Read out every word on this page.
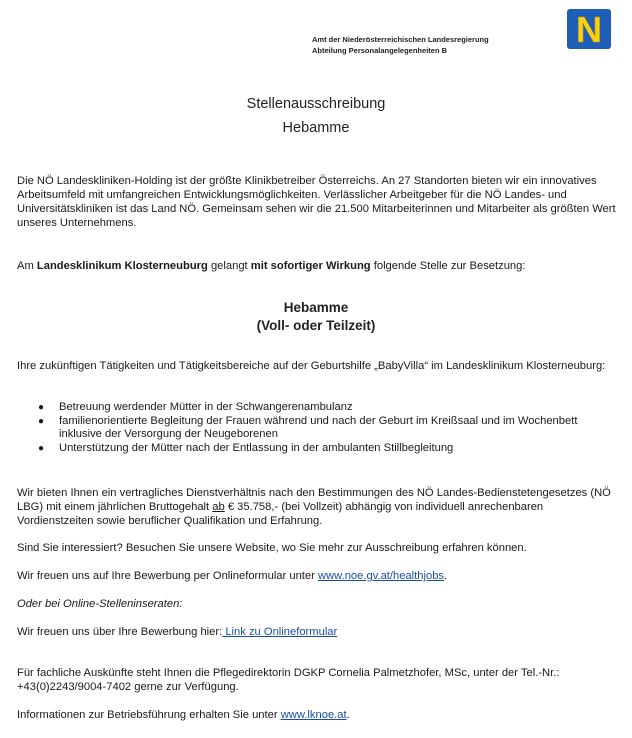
Amt der Niederösterreichischen Landesregierung
Abteilung Personalangelegenheiten B
N
Stellenausschreibung
Hebamme
Die NÖ Landeskliniken-Holding ist der größte Klinikbetreiber Österreichs. An 27 Standorten bieten wir ein innovatives Arbeitsumfeld mit umfangreichen Entwicklungsmöglichkeiten. Verlässlicher Arbeitgeber für die NÖ Landes- und Universitätskliniken ist das Land NÖ. Gemeinsam sehen wir die 21.500 Mitarbeiterinnen und Mitarbeiter als größten Wert unseres Unternehmens.
Am Landesklinikum Klosterneuburg gelangt mit sofortiger Wirkung folgende Stelle zur Besetzung:
Hebamme
(Voll- oder Teilzeit)
Ihre zukünftigen Tätigkeiten und Tätigkeitsbereiche auf der Geburtshilfe „BabyVilla“ im Landesklinikum Klosterneuburg:
● Betreuung werdender Mütter in der Schwangerenambulanz
● familienorientierte Begleitung der Frauen während und nach der Geburt im Kreißsaal und im Wochenbett inklusive der Versorgung der Neugeborenen
● Unterstützung der Mütter nach der Entlassung in der ambulanten Stillbegleitung
Wir bieten Ihnen ein vertragliches Dienstverhältnis nach den Bestimmungen des NÖ Landes-Bedienstetengesetzes (NÖ LBG) mit einem jährlichen Bruttogehalt ab € 35.758,- (bei Vollzeit) abhängig von individuell anrechenbaren Vordienstzeiten sowie beruflicher Qualifikation und Erfahrung.
Sind Sie interessiert? Besuchen Sie unsere Website, wo Sie mehr zur Ausschreibung erfahren können.
Wir freuen uns auf Ihre Bewerbung per Onlineformular unter www.noe.gv.at/healthjobs.
Oder bei Online-Stelleninseraten:
Wir freuen uns über Ihre Bewerbung hier: Link zu Onlineformular
Für fachliche Auskünfte steht Ihnen die Pflegedirektorin DGKP Cornelia Palmetzhofer, MSc, unter der Tel.-Nr.: +43(0)2243/9004-7402 gerne zur Verfügung.
Informationen zur Betriebsführung erhalten Sie unter www.lknoe.at.
